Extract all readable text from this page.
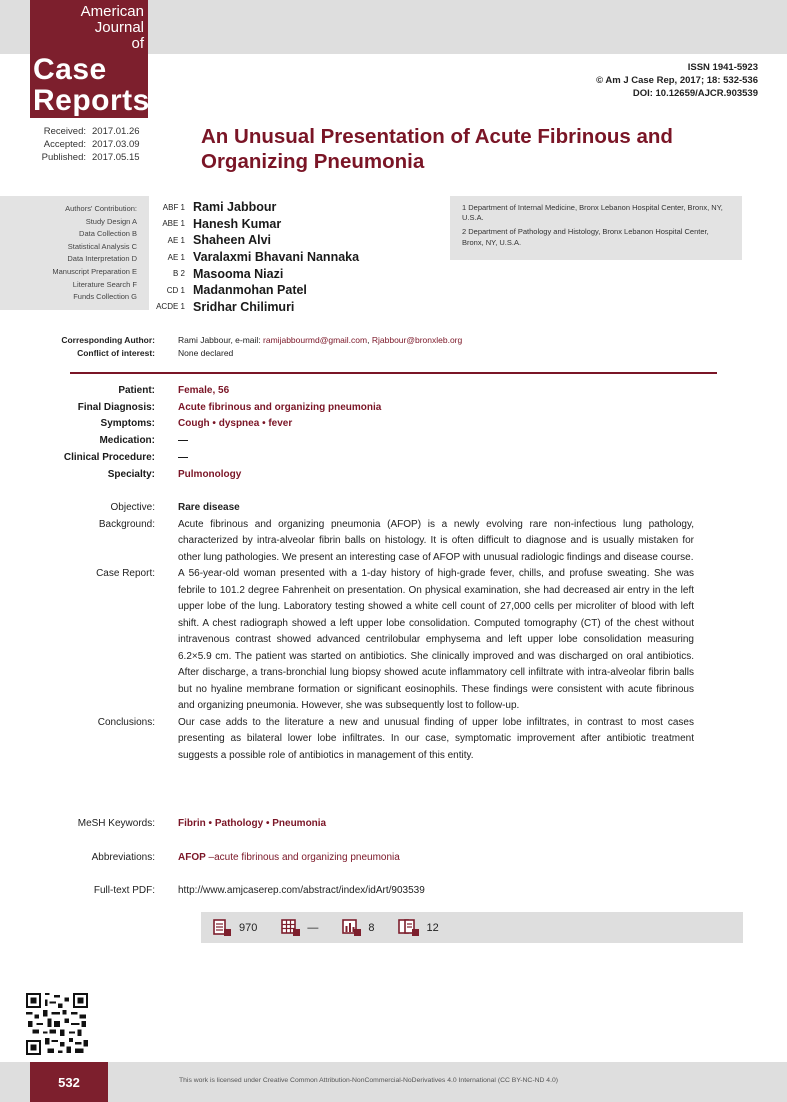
American
Journal
of
Case
Reports
ISSN 1941-5923
© Am J Case Rep, 2017; 18: 532-536
DOI: 10.12659/AJCR.903539
Received: 2017.01.26
Accepted: 2017.03.09
Published: 2017.05.15
An Unusual Presentation of Acute Fibrinous and Organizing Pneumonia
Authors' Contribution:
Study Design A
Data Collection B
Statistical Analysis C
Data Interpretation D
Manuscript Preparation E
Literature Search F
Funds Collection G
ABF 1 Rami Jabbour
ABE 1 Hanesh Kumar
AE 1 Shaheen Alvi
AE 1 Varalaxmi Bhavani Nannaka
B 2 Masooma Niazi
CD 1 Madanmohan Patel
ACDE 1 Sridhar Chilimuri
1 Department of Internal Medicine, Bronx Lebanon Hospital Center, Bronx, NY, U.S.A.
2 Department of Pathology and Histology, Bronx Lebanon Hospital Center, Bronx, NY, U.S.A.
Corresponding Author:	Rami Jabbour, e-mail: ramijabbourmd@gmail.com, Rjabbour@bronxleb.org
Conflict of interest:	None declared
Patient:	Female, 56
Final Diagnosis:	Acute fibrinous and organizing pneumonia
Symptoms:	Cough • dyspnea • fever
Medication:	—
Clinical Procedure:	—
Specialty:	Pulmonology
Objective:	Rare disease
Background:	Acute fibrinous and organizing pneumonia (AFOP) is a newly evolving rare non-infectious lung pathology, characterized by intra-alveolar fibrin balls on histology. It is often difficult to diagnose and is usually mistaken for other lung pathologies. We present an interesting case of AFOP with unusual radiologic findings and disease course.
Case Report:	A 56-year-old woman presented with a 1-day history of high-grade fever, chills, and profuse sweating. She was febrile to 101.2 degree Fahrenheit on presentation. On physical examination, she had decreased air entry in the left upper lobe of the lung. Laboratory testing showed a white cell count of 27,000 cells per microliter of blood with left shift. A chest radiograph showed a left upper lobe consolidation. Computed tomography (CT) of the chest without intravenous contrast showed advanced centrilobular emphysema and left upper lobe consolidation measuring 6.2×5.9 cm. The patient was started on antibiotics. She clinically improved and was discharged on oral antibiotics. After discharge, a trans-bronchial lung biopsy showed acute inflammatory cell infiltrate with intra-alveolar fibrin balls but no hyaline membrane formation or significant eosinophils. These findings were consistent with acute fibrinous and organizing pneumonia. However, she was subsequently lost to follow-up.
Conclusions:	Our case adds to the literature a new and unusual finding of upper lobe infiltrates, in contrast to most cases presenting as bilateral lower lobe infiltrates. In our case, symptomatic improvement after antibiotic treatment suggests a possible role of antibiotics in management of this entity.
MeSH Keywords:	Fibrin • Pathology • Pneumonia
Abbreviations:	AFOP –acute fibrinous and organizing pneumonia
Full-text PDF:	http://www.amjcaserep.com/abstract/index/idArt/903539
970	—	8	12
532	This work is licensed under Creative Common Attribution-NonCommercial-NoDerivatives 4.0 International (CC BY-NC-ND 4.0)
